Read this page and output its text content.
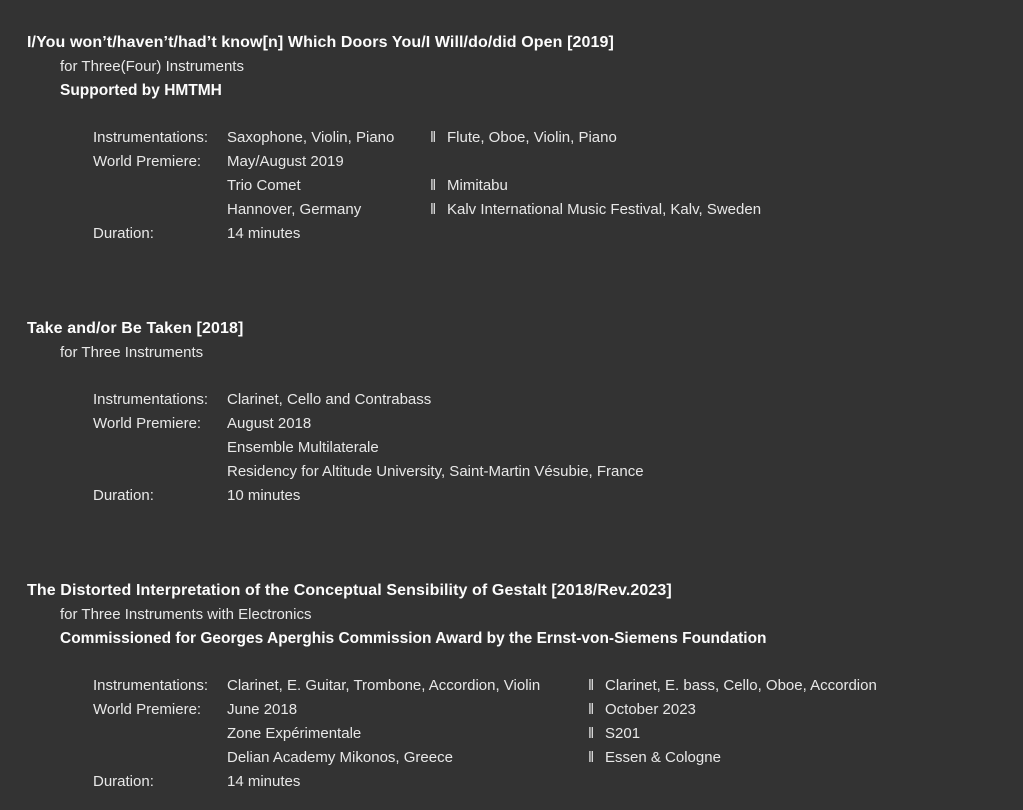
I/You won’t/haven’t/had’t know[n] Which Doors You/I Will/do/did Open [2019]
for Three(Four) Instruments
Supported by HMTMH
Instrumentations:	Saxophone, Violin, Piano	‖ Flute, Oboe, Violin, Piano
World Premiere:	May/August 2019
Trio Comet	‖ Mimitabu
Hannover, Germany	‖ Kalv International Music Festival, Kalv, Sweden
Duration:	14 minutes
Take and/or Be Taken [2018]
for Three Instruments
Instrumentations:	Clarinet, Cello and Contrabass
World Premiere:	August 2018
Ensemble Multilaterale
Residency for Altitude University, Saint-Martin Vésubie, France
Duration:	10 minutes
The Distorted Interpretation of the Conceptual Sensibility of Gestalt [2018/Rev.2023]
for Three Instruments with Electronics
Commissioned for Georges Aperghis Commission Award by the Ernst-von-Siemens Foundation
Instrumentations:	Clarinet, E. Guitar, Trombone, Accordion, Violin	‖ Clarinet, E. bass, Cello, Oboe, Accordion
World Premiere:	June 2018	‖ October 2023
Zone Expérimentale	‖ S201
Delian Academy Mikonos, Greece	‖ Essen & Cologne
Duration:	14 minutes
